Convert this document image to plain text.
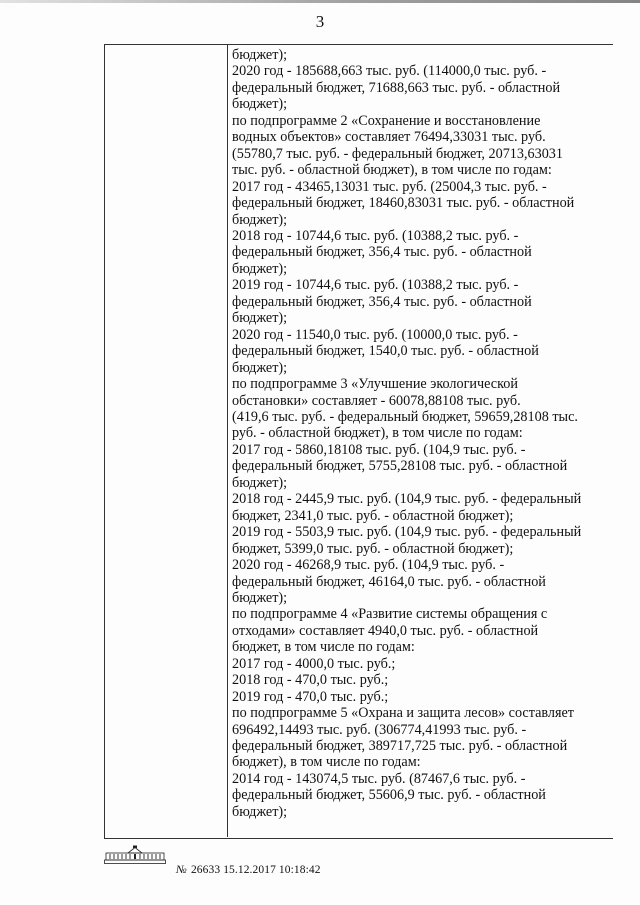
3
бюджет);
2020 год - 185688,663 тыс. руб. (114000,0 тыс. руб. -
федеральный бюджет, 71688,663 тыс. руб. - областной
бюджет);
по подпрограмме 2 «Сохранение и восстановление
водных объектов» составляет 76494,33031 тыс. руб.
(55780,7 тыс. руб. - федеральный бюджет, 20713,63031
тыс. руб. - областной бюджет), в том числе по годам:
2017 год - 43465,13031 тыс. руб. (25004,3 тыс. руб. -
федеральный бюджет, 18460,83031 тыс. руб. - областной
бюджет);
2018 год - 10744,6 тыс. руб. (10388,2 тыс. руб. -
федеральный бюджет, 356,4 тыс. руб. - областной
бюджет);
2019 год - 10744,6 тыс. руб. (10388,2 тыс. руб. -
федеральный бюджет, 356,4 тыс. руб. - областной
бюджет);
2020 год - 11540,0 тыс. руб. (10000,0 тыс. руб. -
федеральный бюджет, 1540,0 тыс. руб. - областной
бюджет);
по подпрограмме 3 «Улучшение экологической
обстановки» составляет - 60078,88108 тыс. руб.
(419,6 тыс. руб. - федеральный бюджет, 59659,28108 тыс.
руб. - областной бюджет), в том числе по годам:
2017 год - 5860,18108 тыс. руб. (104,9 тыс. руб. -
федеральный бюджет, 5755,28108 тыс. руб. - областной
бюджет);
2018 год - 2445,9 тыс. руб. (104,9 тыс. руб. - федеральный
бюджет, 2341,0 тыс. руб. - областной бюджет);
2019 год - 5503,9 тыс. руб. (104,9 тыс. руб. - федеральный
бюджет, 5399,0 тыс. руб. - областной бюджет);
2020 год - 46268,9 тыс. руб. (104,9 тыс. руб. -
федеральный бюджет, 46164,0 тыс. руб. - областной
бюджет);
по подпрограмме 4 «Развитие системы обращения с
отходами» составляет 4940,0 тыс. руб. - областной
бюджет, в том числе по годам:
2017 год - 4000,0 тыс. руб.;
2018 год - 470,0 тыс. руб.;
2019 год - 470,0 тыс. руб.;
по подпрограмме 5 «Охрана и защита лесов» составляет
696492,14493 тыс. руб. (306774,41993 тыс. руб. -
федеральный бюджет, 389717,725 тыс. руб. - областной
бюджет), в том числе по годам:
2014 год - 143074,5 тыс. руб. (87467,6 тыс. руб. -
федеральный бюджет, 55606,9 тыс. руб. - областной
бюджет);
№ 26633 15.12.2017 10:18:42
